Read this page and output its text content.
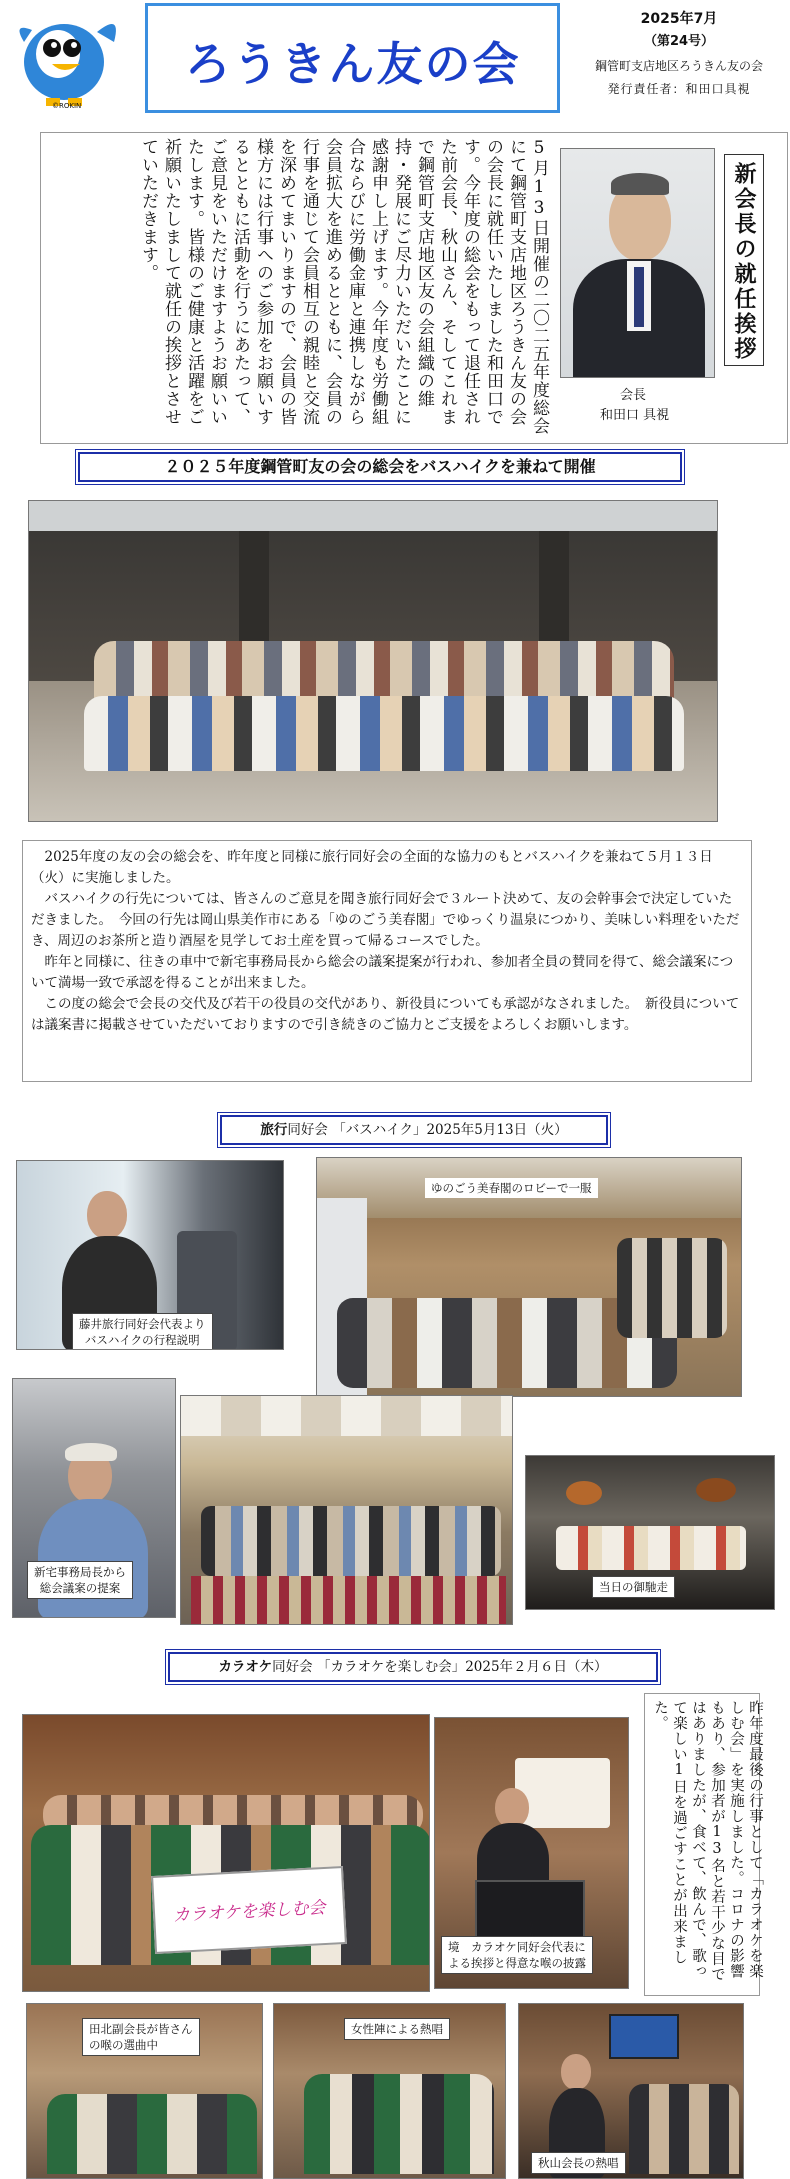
©ROKIN
ろうきん友の会
2025年7月
（第24号）
鋼管町支店地区ろうきん友の会
発行責任者：和田口具視
5月13日開催の二〇二五年度総会にて鋼管町支店地区ろうきん友の会の会長に就任いたしました和田口です。今年度の総会をもって退任された前会長、秋山さん、そしてこれまで鋼管町支店地区友の会組織の維持・発展にご尽力いただいたことに感謝申し上げます。今年度も労働組合ならびに労働金庫と連携しながら会員拡大を進めるとともに、会員の行事を通じて会員相互の親睦と交流を深めてまいりますので、会員の皆様方には行事へのご参加をお願いするとともに活動を行うにあたって、ご意見をいただけますようお願いいたします。皆様のご健康と活躍をご祈願いたしまして就任の挨拶とさせていただきます。
会長
和田口 具視
新会長の就任挨拶
２０２５年度鋼管町友の会の総会をバスハイクを兼ねて開催

　2025年度の友の会の総会を、昨年度と同様に旅行同好会の全面的な協力のもとバスハイクを兼ねて５月１３日（火）に実施しました。

　バスハイクの行先については、皆さんのご意見を聞き旅行同好会で３ルート決めて、友の会幹事会で決定していただきました。　今回の行先は岡山県美作市にある「ゆのごう美春閣」でゆっくり温泉につかり、美味しい料理をいただき、周辺のお茶所と造り酒屋を見学してお土産を買って帰るコースでした。

　昨年と同様に、往きの車中で新宅事務局長から総会の議案提案が行われ、参加者全員の賛同を得て、総会議案について満場一致で承認を得ることが出来ました。

　この度の総会で会長の交代及び若干の役員の交代があり、新役員についても承認がなされました。　新役員については議案書に掲載させていただいておりますので引き続きのご協力とご支援をよろしくお願いします。

旅行同好会 「バスハイク」2025年5月13日（火）
藤井旅行同好会代表より
バスハイクの行程説明
ゆのごう美春閣のロビーで一服
新宅事務局長から
総会議案の提案	当日の御馳走
カラオケ同好会 「カラオケを楽しむ会」2025年２月６日（木）
昨年度最後の行事として「カラオケを楽しむ会」を実施しました。コロナの影響もあり、参加者が13名と若干少な目ではありましたが、食べて、飲んで、歌って楽しい1日を過ごすことが出来ました。
カラオケを楽しむ会
境　カラオケ同好会代表に
よる挨拶と得意な喉の披露
田北副会長が皆さん
の喉の選曲中
女性陣による熱唱
秋山会長の熱唱
